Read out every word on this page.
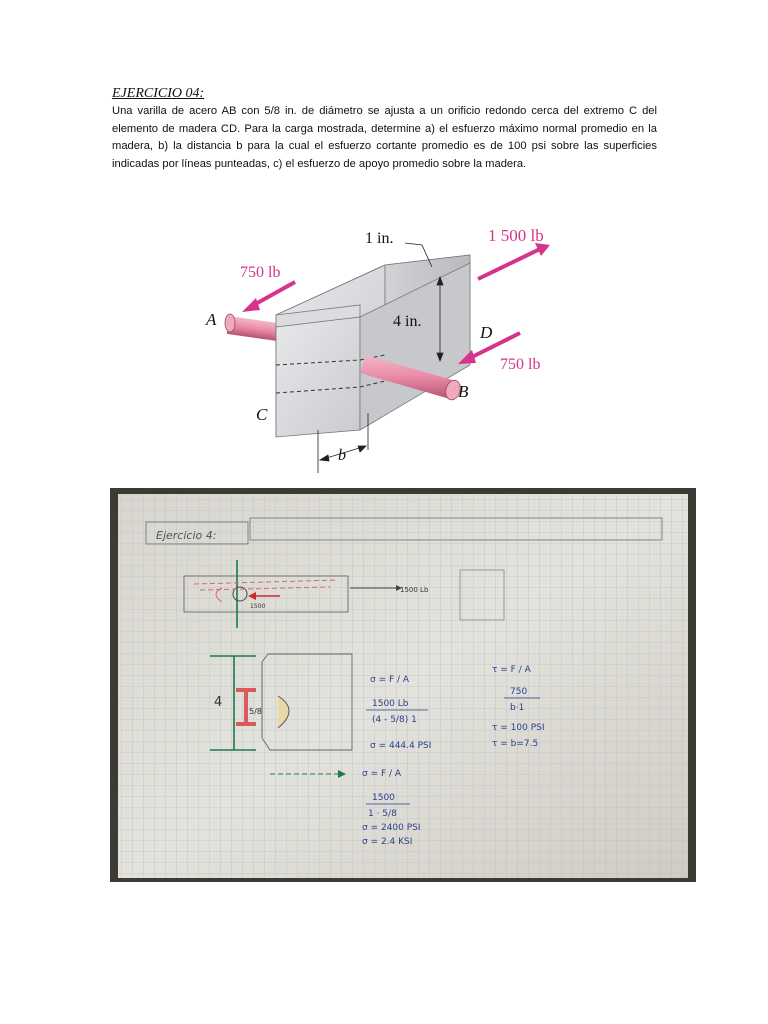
EJERCICIO 04:
Una varilla de acero AB con 5/8 in. de diámetro se ajusta a un orificio redondo cerca del extremo C del elemento de madera CD. Para la carga mostrada, determine a) el esfuerzo máximo normal promedio en la madera, b) la distancia b para la cual el esfuerzo cortante promedio es de 100 psi sobre las superficies indicadas por líneas punteadas, c) el esfuerzo de apoyo promedio sobre la madera.
1 in.	1 500 lb
750 lb
750 lb
4 in.
A
B
C
D
b
Ejercicio 4:
1500 Lb
1500
4
5/8
σ = F / A
1500 Lb
(4 - 5/8) 1
σ = 444.4 PSI
τ = F / A
750
b·1
τ = 100 PSI
τ = b=7.5
σ = F / A
1500
1 · 5/8
σ = 2400 PSI
σ = 2.4 KSI
